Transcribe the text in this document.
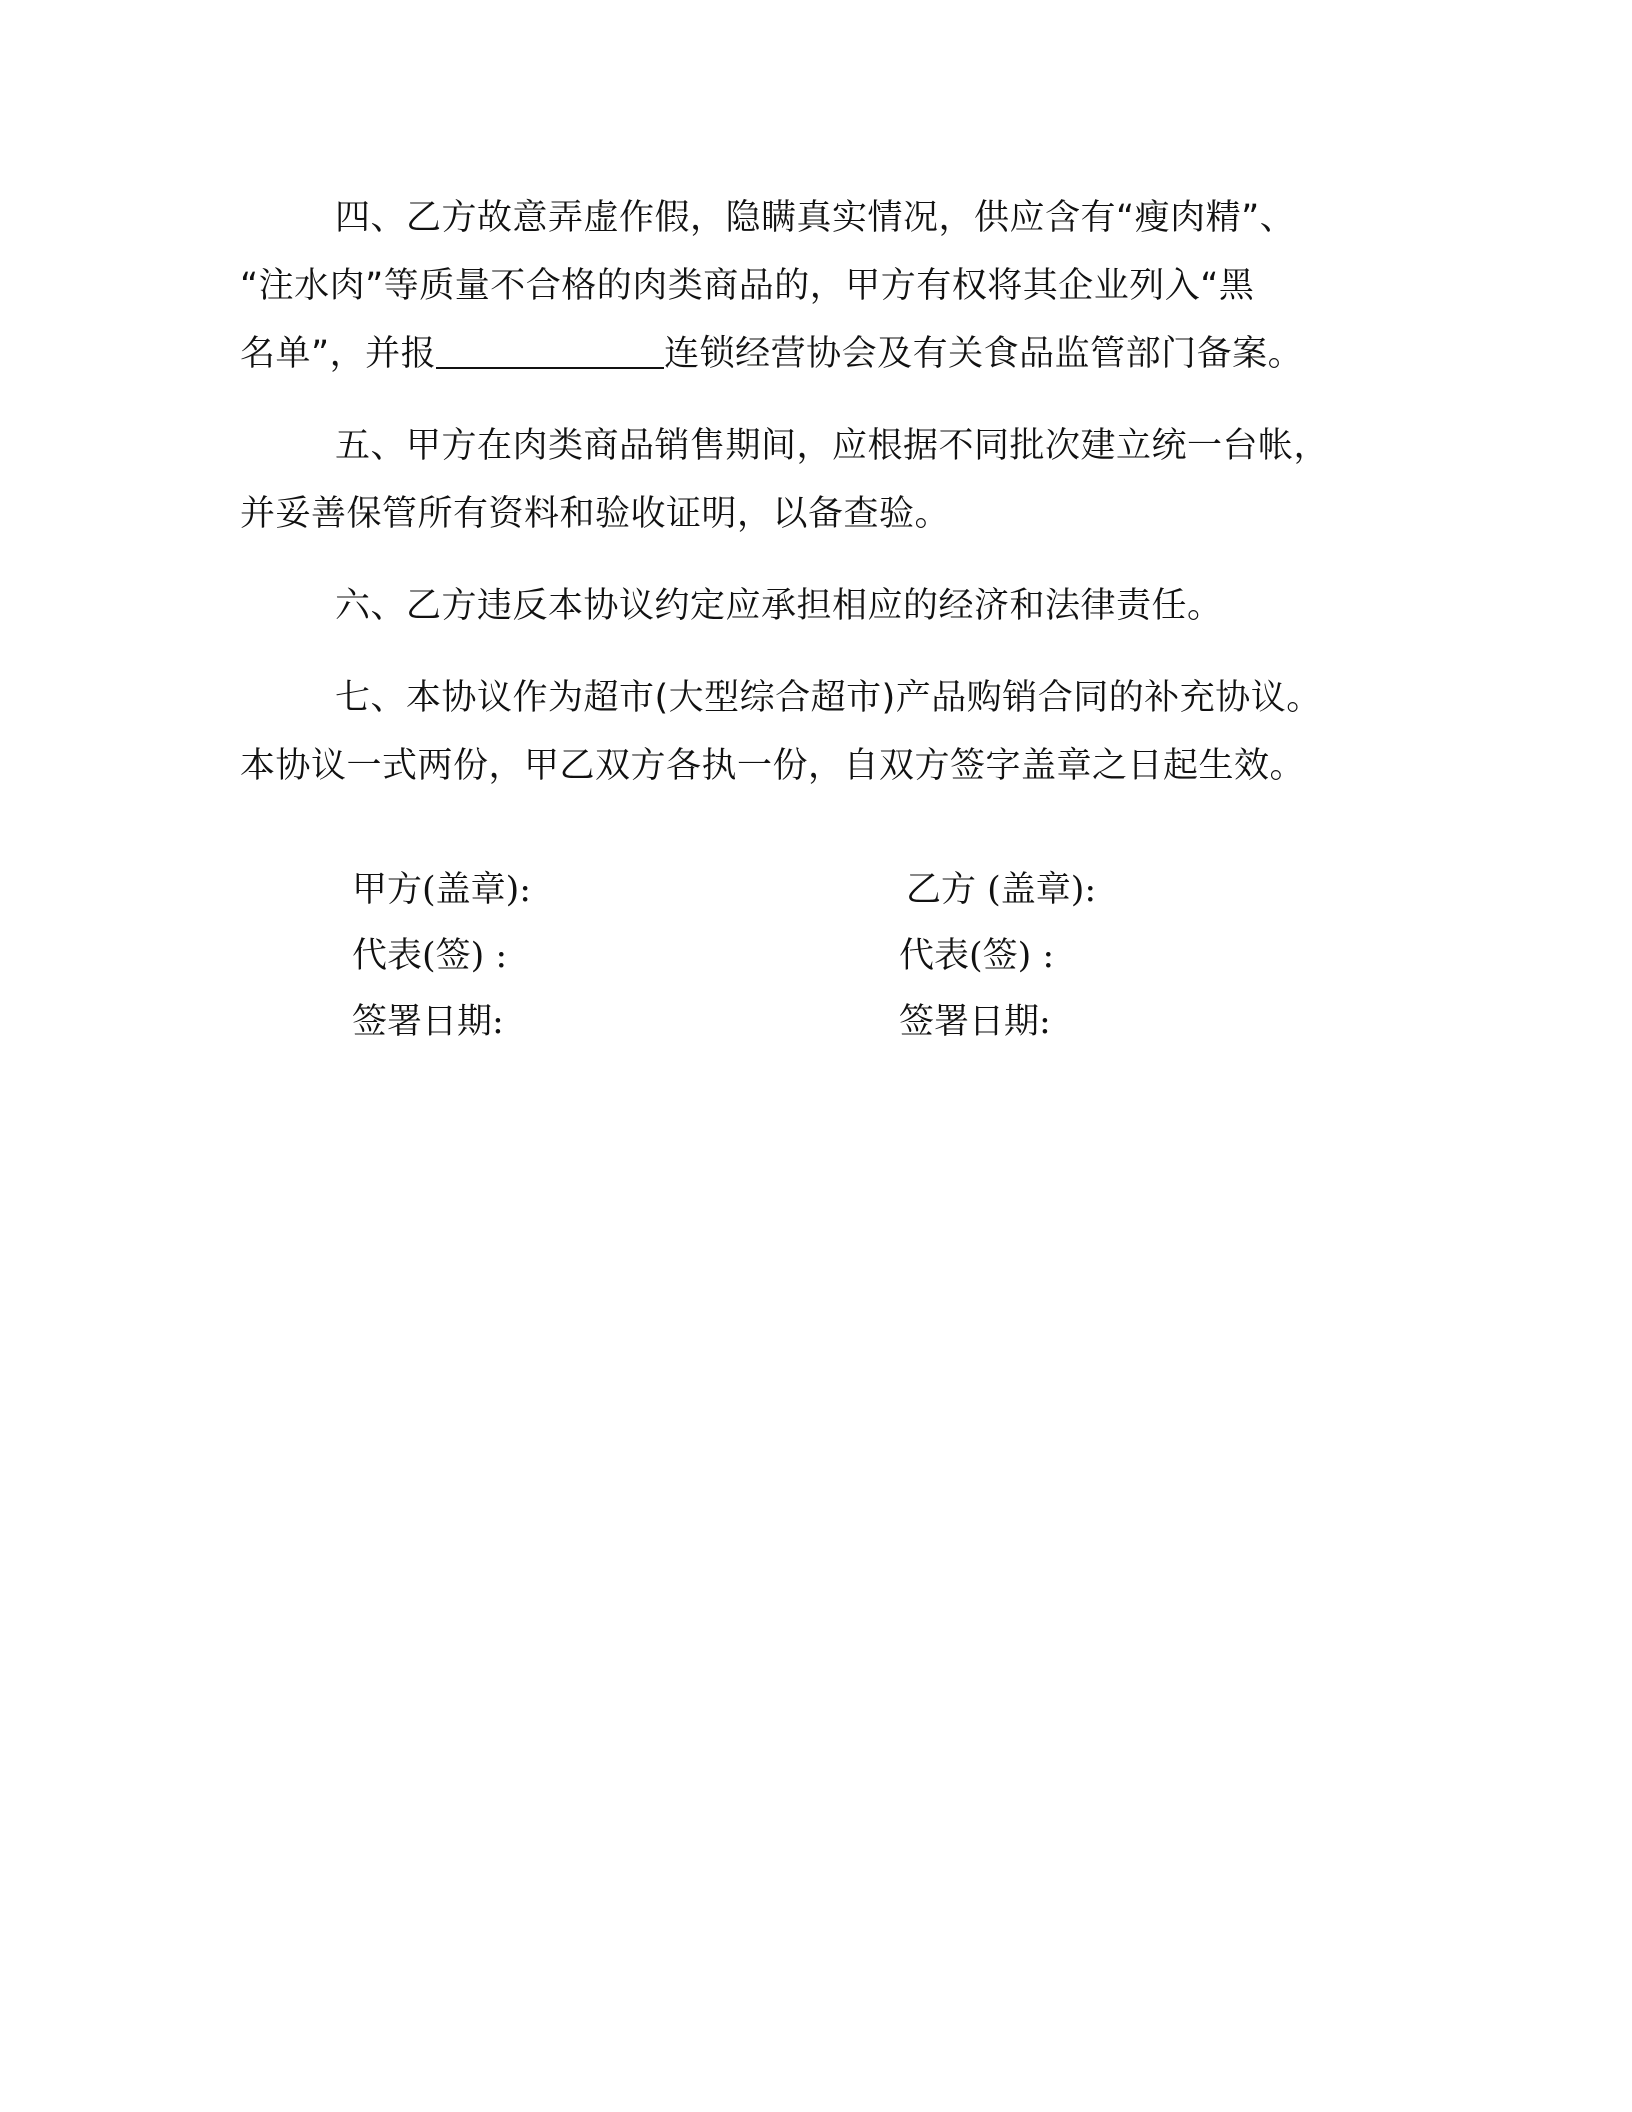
四、乙方故意弄虚作假，隐瞒真实情况，供应含有“瘦肉精”、
“注水肉”等质量不合格的肉类商品的，甲方有权将其企业列入“黑
名单”，并报	连锁经营协会及有关食品监管部门备案。
五、甲方在肉类商品销售期间，应根据不同批次建立统一台帐，
并妥善保管所有资料和验收证明，以备查验。
六、乙方违反本协议约定应承担相应的经济和法律责任。
七、本协议作为超市(大型综合超市)产品购销合同的补充协议。
本协议一式两份，甲乙双方各执一份，自双方签字盖章之日起生效。
甲方(盖章):
代表(签) :
签署日期:
乙方 (盖章):
代表(签) :
签署日期:
